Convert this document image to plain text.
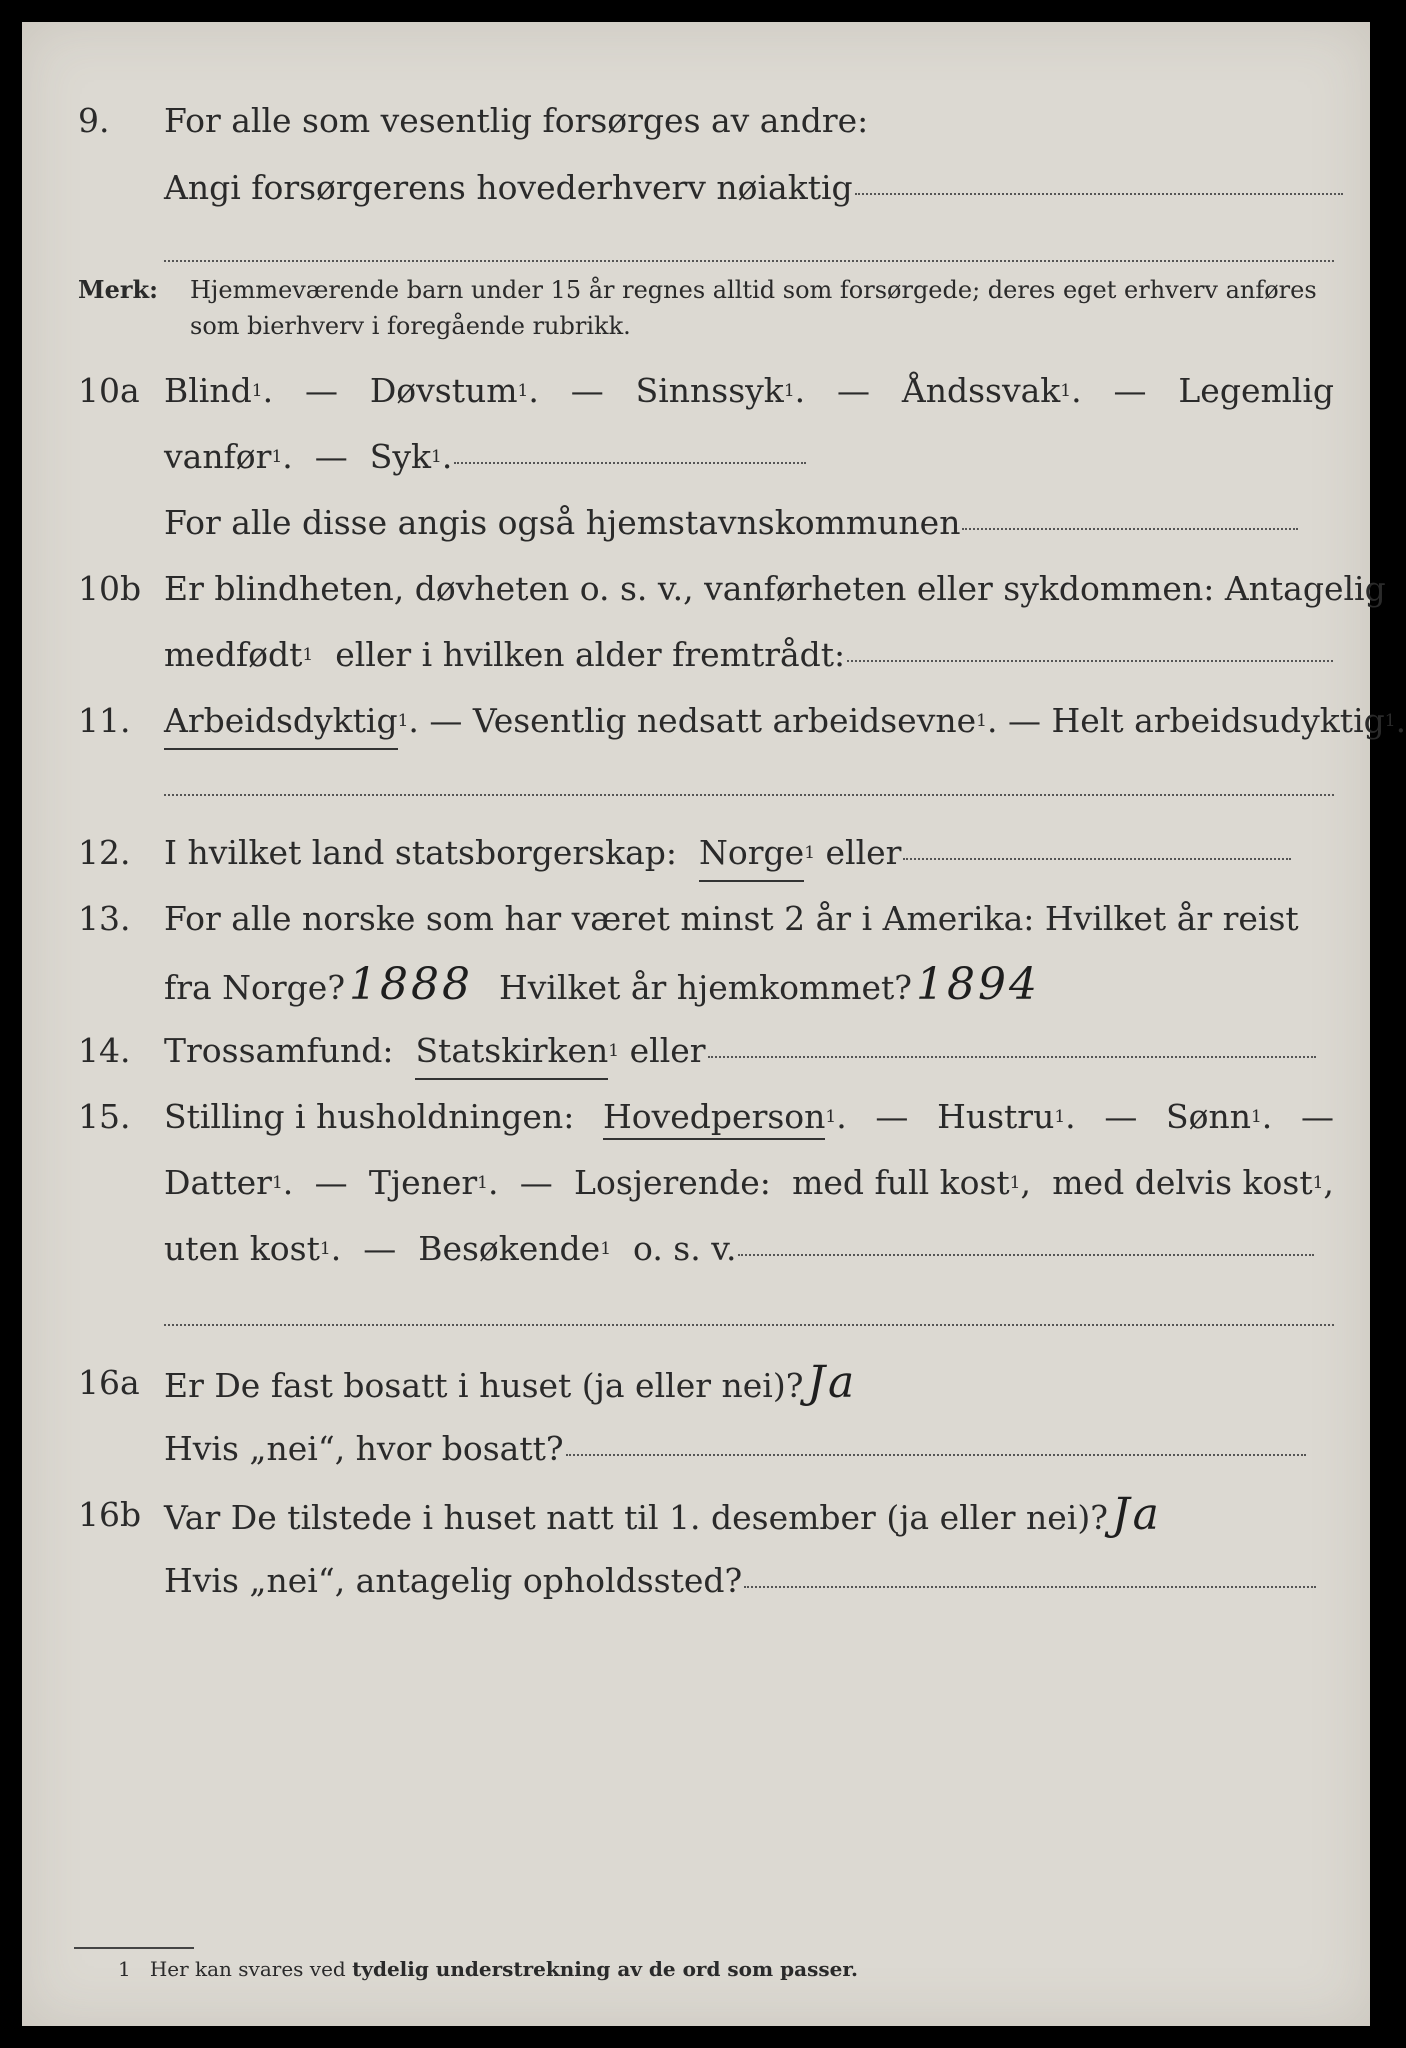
9. For alle som vesentlig forsørges av andre:
Angi forsørgerens hovederhverv nøiaktig
Merk: Hjemmeværende barn under 15 år regnes alltid som forsørgede; deres eget erhverv anføres som bierhverv i foregående rubrikk.
10a Blind$^1$. — Døvstum$^1$. — Sinnssyk$^1$. — Åndssvak$^1$. — Legemlig
vanfør$^1$ . — Syk$^1$ .
For alle disse angis også hjemstavnskommunen
10b Er blindheten, døvheten o. s. v., vanførheten eller sykdommen: Antagelig
medfødt$^1$ eller i hvilken alder fremtrådt:
11. Arbeidsdyktig$^1$ .
— Vesentlig nedsatt arbeidsevne$^1$ .
— Helt arbeidsudyktig$^1$ .
12. I hvilket land statsborgerskap: Norge$^1$
eller
13. For alle norske som har været minst 2 år i Amerika: Hvilket år reist
fra Norge? 1888 Hvilket år hjemkommet? 1894
14. Trossamfund: Statskirken$^1$
eller
15. Stilling i husholdningen: Hovedperson$^1$. — Hustru$^1$. — Sønn$^1$. —
Datter$^1$. — Tjener$^1$. — Losjerende: med full kost$^1$, med delvis kost$^1$,
uten kost$^1$ . — Besøkende$^1$ o. s. v.
16a Er De fast bosatt i huset (ja eller nei)? Ja
Hvis „nei“, hvor bosatt?
16b Var De tilstede i huset natt til 1. desember (ja eller nei)? Ja
Hvis „nei“, antagelig opholdssted?
1 Her kan svares ved tydelig understrekning av de ord som passer.
